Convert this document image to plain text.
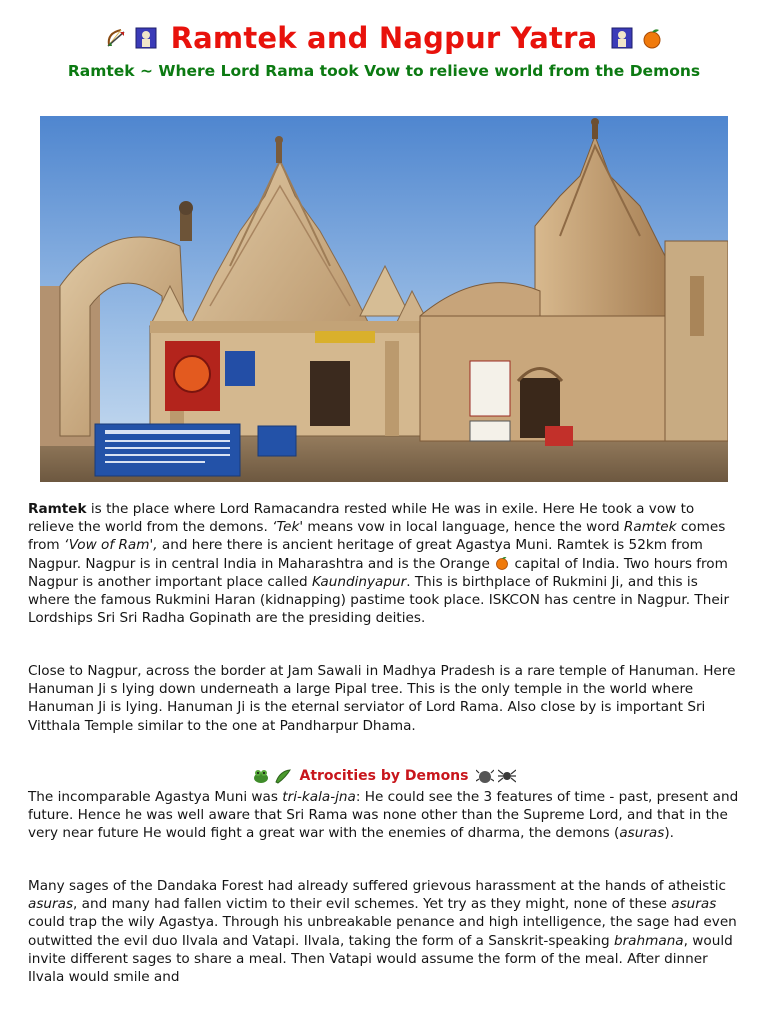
Ramtek and Nagpur Yatra
Ramtek ~ Where Lord Rama took Vow to relieve world from the Demons

Ramtek is the place where Lord Ramacandra rested while He was in exile. Here He took a vow to relieve the world from the demons. ‘Tek' means vow in local language, hence the word Ramtek comes from ‘Vow of Ram', and here there is ancient heritage of great Agastya Muni. Ramtek is 52km from Nagpur. Nagpur is in central India in Maharashtra and is the Orange  capital of India. Two hours from Nagpur is another important place called Kaundinyapur. This is birthplace of Rukmini Ji, and this is where the famous Rukmini Haran (kidnapping) pastime took place. ISKCON has centre in Nagpur. Their Lordships Sri Sri Radha Gopinath are the presiding deities.

Close to Nagpur, across the border at Jam Sawali in Madhya Pradesh is a rare temple of Hanuman. Here Hanuman Ji s lying down underneath a large Pipal tree. This is the only temple in the world where Hanuman Ji is lying. Hanuman Ji is the eternal serviator of Lord Rama. Also close by is important Sri Vitthala Temple similar to the one at Pandharpur Dhama.

Atrocities by Demons

The incomparable Agastya Muni was tri-kala-jna: He could see the 3 features of time - past, present and future. Hence he was well aware that Sri Rama was none other than the Supreme Lord, and that in the very near future He would fight a great war with the enemies of dharma, the demons (asuras).

Many sages of the Dandaka Forest had already suffered grievous harassment at the hands of atheistic asuras, and many had fallen victim to their evil schemes. Yet try as they might, none of these asuras could trap the wily Agastya. Through his unbreakable penance and high intelligence, the sage had even outwitted the evil duo Ilvala and Vatapi. Ilvala, taking the form of a Sanskrit-speaking brahmana, would invite different sages to share a meal. Then Vatapi would assume the form of the meal. After dinner Ilvala would smile and
